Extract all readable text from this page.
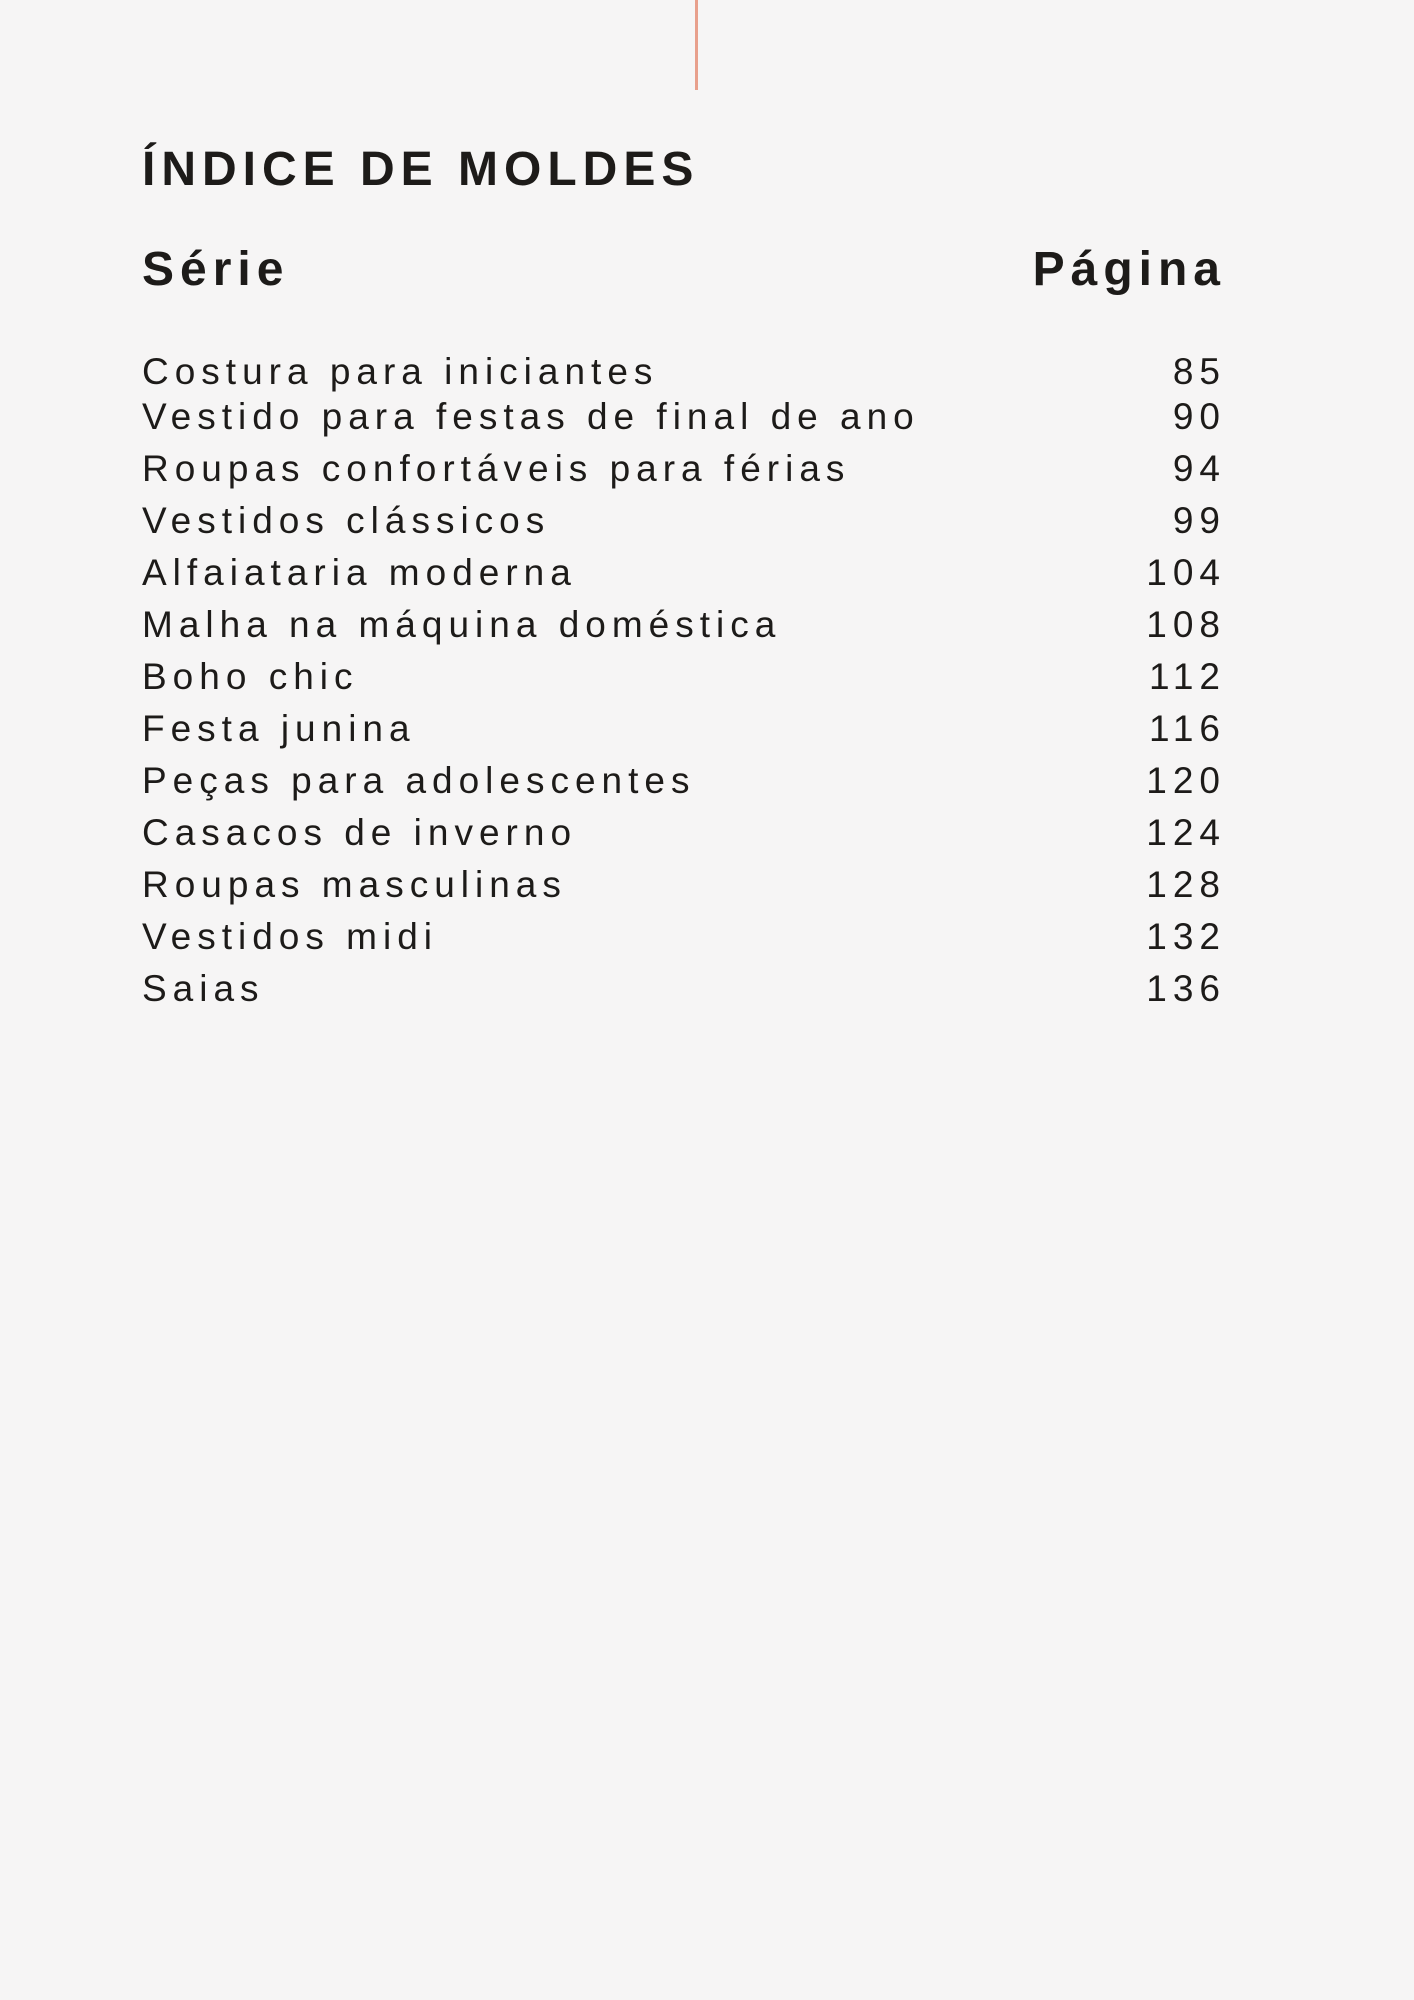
ÍNDICE DE MOLDES
Série	Página
Costura para iniciantes	85
Vestido para festas de final de ano	90
Roupas confortáveis para férias	94
Vestidos clássicos	99
Alfaiataria moderna	104
Malha na máquina doméstica	108
Boho chic	112
Festa junina	116
Peças para adolescentes	120
Casacos de inverno	124
Roupas masculinas	128
Vestidos midi	132
Saias	136
